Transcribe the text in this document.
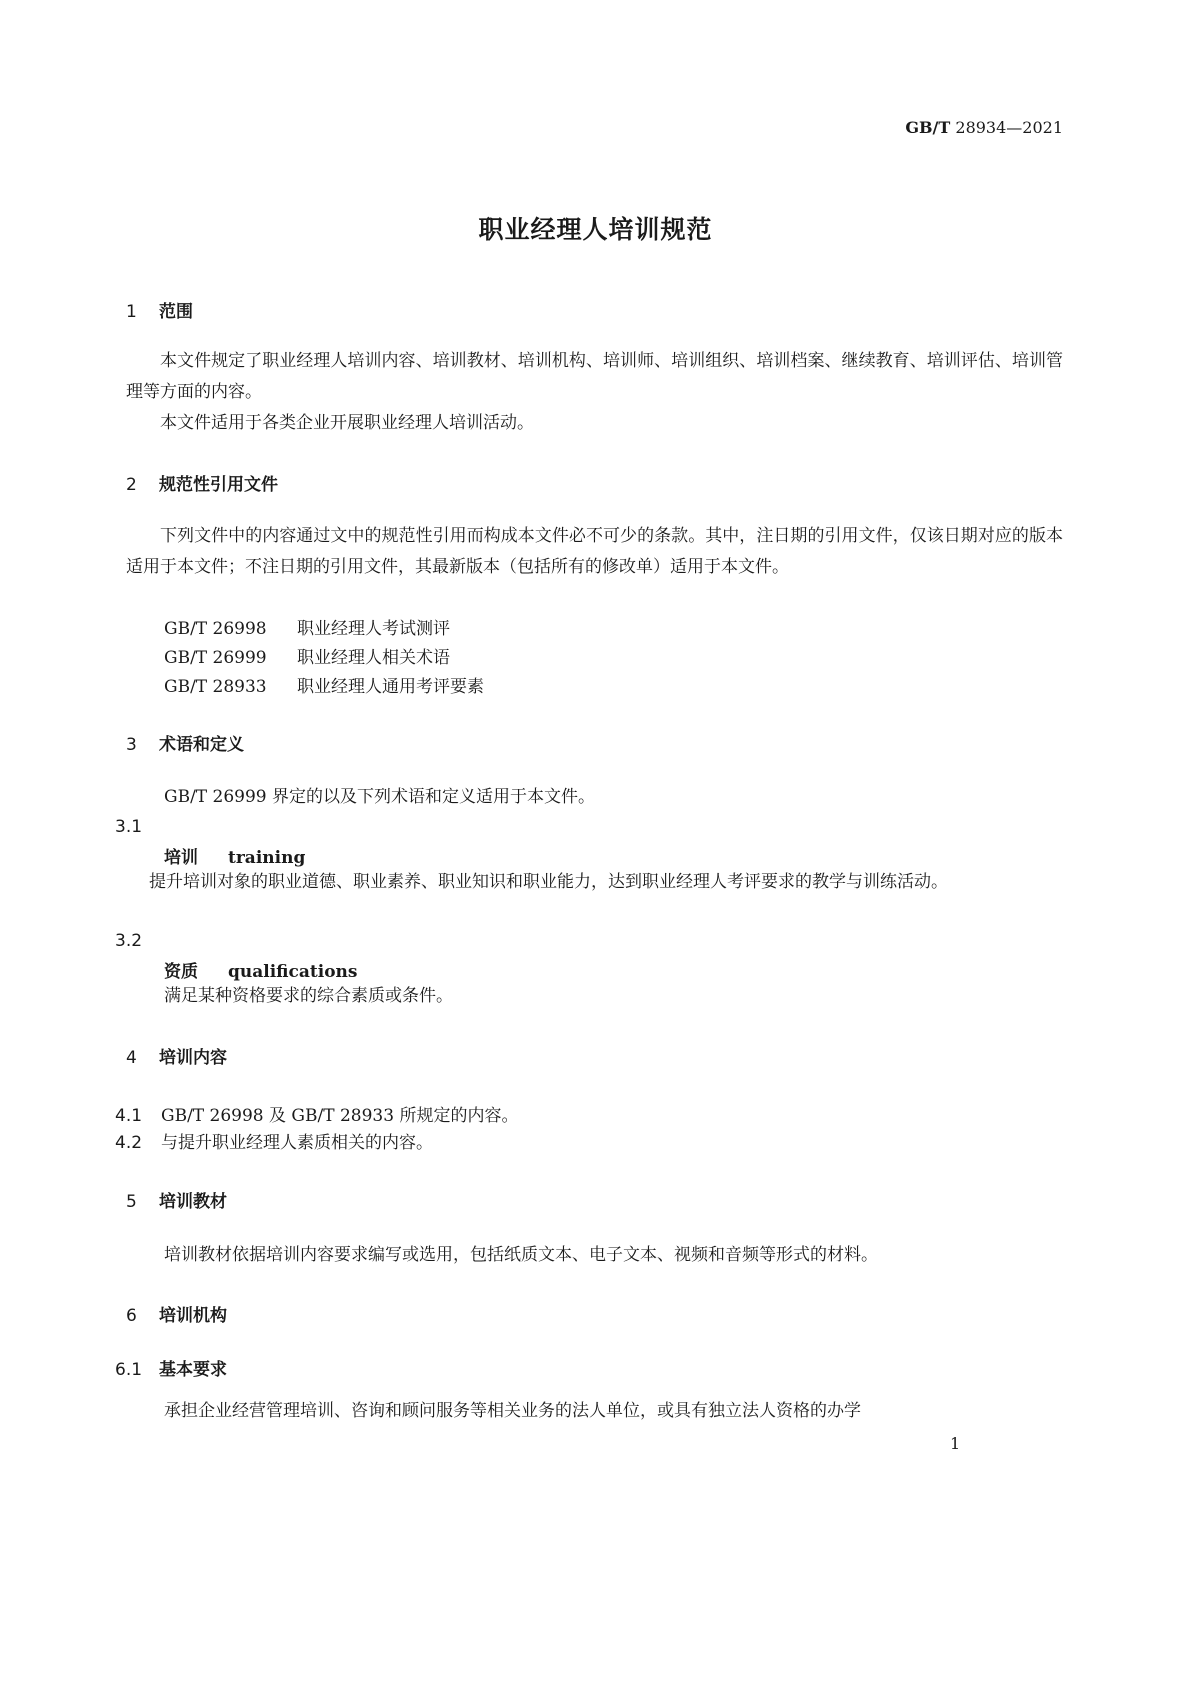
GB/T 28934—2021
职业经理人培训规范
1 范围
本文件规定了职业经理人培训内容、培训教材、培训机构、培训师、培训组织、培训档案、继续教育、培训评估、培训管理等方面的内容。
本文件适用于各类企业开展职业经理人培训活动。
2 规范性引用文件
下列文件中的内容通过文中的规范性引用而构成本文件必不可少的条款。其中，注日期的引用文件，仅该日期对应的版本适用于本文件；不注日期的引用文件，其最新版本（包括所有的修改单）适用于本文件。
GB/T 26998 职业经理人考试测评
GB/T 26999 职业经理人相关术语
GB/T 28933 职业经理人通用考评要素
3 术语和定义
GB/T 26999 界定的以及下列术语和定义适用于本文件。
3.1
培训 training
提升培训对象的职业道德、职业素养、职业知识和职业能力，达到职业经理人考评要求的教学与训练活动。
3.2
资质 qualifications
满足某种资格要求的综合素质或条件。
4 培训内容
4.1 GB/T 26998 及 GB/T 28933 所规定的内容。
4.2 与提升职业经理人素质相关的内容。
5 培训教材
培训教材依据培训内容要求编写或选用，包括纸质文本、电子文本、视频和音频等形式的材料。
6 培训机构
6.1 基本要求
承担企业经营管理培训、咨询和顾问服务等相关业务的法人单位，或具有独立法人资格的办学
1
